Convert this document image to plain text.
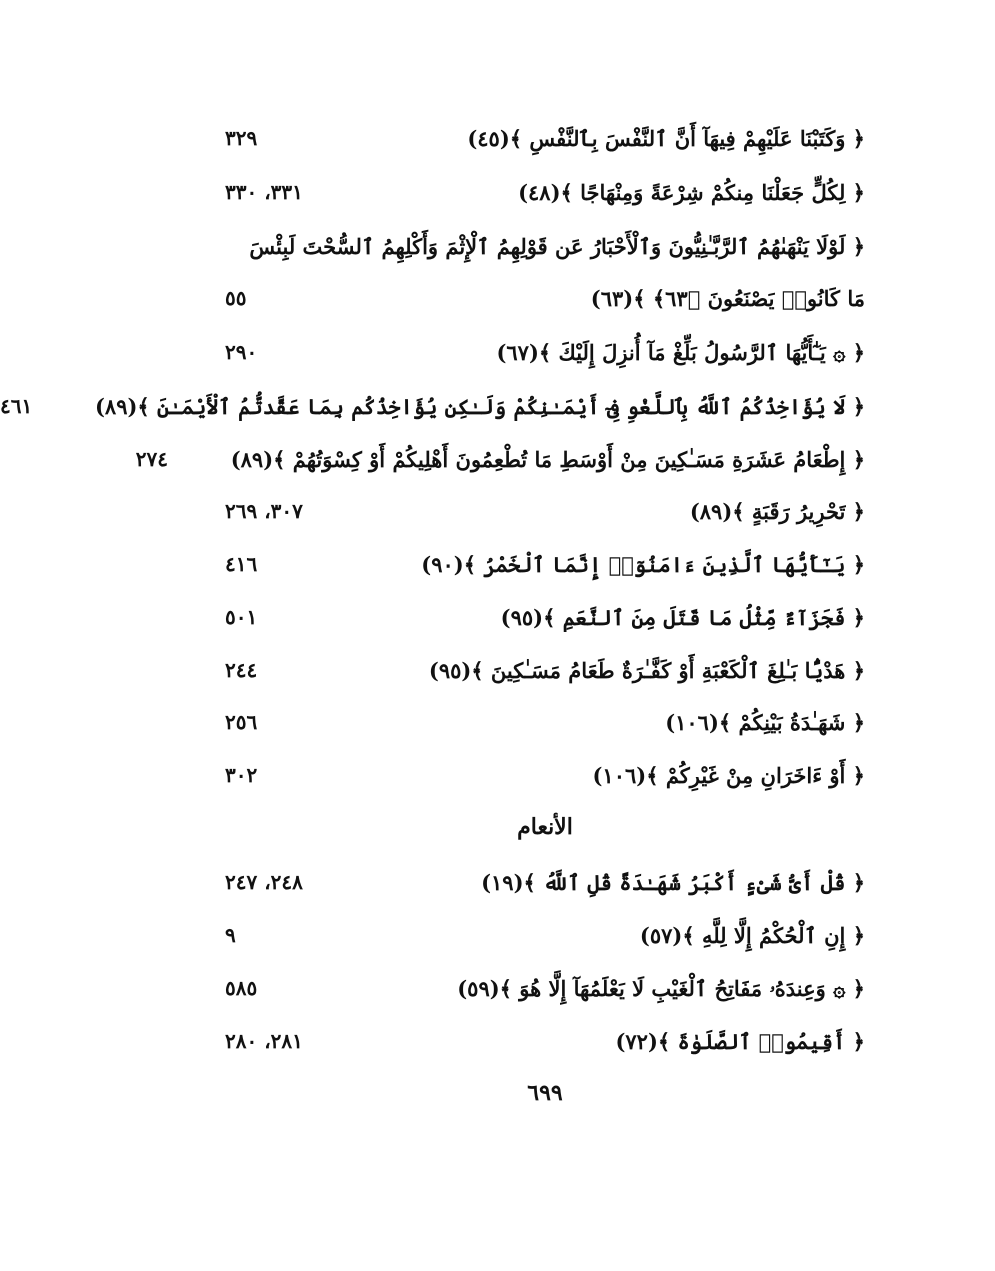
﴿ وَكَتَبْنَا عَلَيْهِمْ فِيهَآ أَنَّ ٱلنَّفْسَ بِٱلنَّفْسِ ﴾(٤٥)
٣٢٩
﴿ لِكُلٍّ جَعَلْنَا مِنكُمْ شِرْعَةً وَمِنْهَاجًا ﴾(٤٨)
٣٣١، ٣٣٠
﴿ لَوْلَا يَنْهَىٰهُمُ ٱلرَّبَّـٰنِيُّونَ وَٱلْأَحْبَارُ عَن قَوْلِهِمُ ٱلْإِثْمَ وَأَكْلِهِمُ ٱلسُّحْتَ لَبِئْسَ
مَا كَانُوا۟ يَصْنَعُونَ ﴿٦٣﴾ ﴾(٦٣)
٥٥
﴿ ۞ يَـٰٓأَيُّهَا ٱلرَّسُولُ بَلِّغْ مَآ أُنزِلَ إِلَيْكَ ﴾(٦٧)
٢٩٠
﴿ لَا يُؤَاخِذُكُمُ ٱللَّهُ بِٱللَّغْوِ فِىٓ أَيْمَـٰنِكُمْ وَلَـٰكِن يُؤَاخِذُكُم بِمَا عَقَّدتُّمُ ٱلْأَيْمَـٰنَ ﴾(٨٩)
٤٦١
﴿ إِطْعَامُ عَشَرَةِ مَسَـٰكِينَ مِنْ أَوْسَطِ مَا تُطْعِمُونَ أَهْلِيكُمْ أَوْ كِسْوَتُهُمْ ﴾(٨٩)
٢٧٤
﴿ تَحْرِيرُ رَقَبَةٍ ﴾(٨٩)
٣٠٧، ٢٦٩
﴿ يَـٰٓأَيُّهَا ٱلَّذِينَ ءَامَنُوٓا۟ إِنَّمَا ٱلْخَمْرُ ﴾(٩٠)
٤١٦
﴿ فَجَزَآءٌ مِّثْلُ مَا قَتَلَ مِنَ ٱلنَّعَمِ ﴾(٩٥)
٥٠١
﴿ هَدْيًۢا بَـٰلِغَ ٱلْكَعْبَةِ أَوْ كَفَّـٰرَةٌ طَعَامُ مَسَـٰكِينَ ﴾(٩٥)
٢٤٤
﴿ شَهَـٰدَةُ بَيْنِكُمْ ﴾(١٠٦)
٢٥٦
﴿ أَوْ ءَاخَرَانِ مِنْ غَيْرِكُمْ ﴾(١٠٦)
٣٠٢
الأنعام
﴿ قُلْ أَىُّ شَىْءٍ أَكْبَرُ شَهَـٰدَةً قُلِ ٱللَّهُ ﴾(١٩)
٢٤٨، ٢٤٧
﴿ إِنِ ٱلْحُكْمُ إِلَّا لِلَّهِ ﴾(٥٧)
٩
﴿ ۞ وَعِندَهُۥ مَفَاتِحُ ٱلْغَيْبِ لَا يَعْلَمُهَآ إِلَّا هُوَ ﴾(٥٩)
٥٨٥
﴿ أَقِيمُوا۟ ٱلصَّلَوٰةَ ﴾(٧٢)
٢٨١، ٢٨٠
٦٩٩
